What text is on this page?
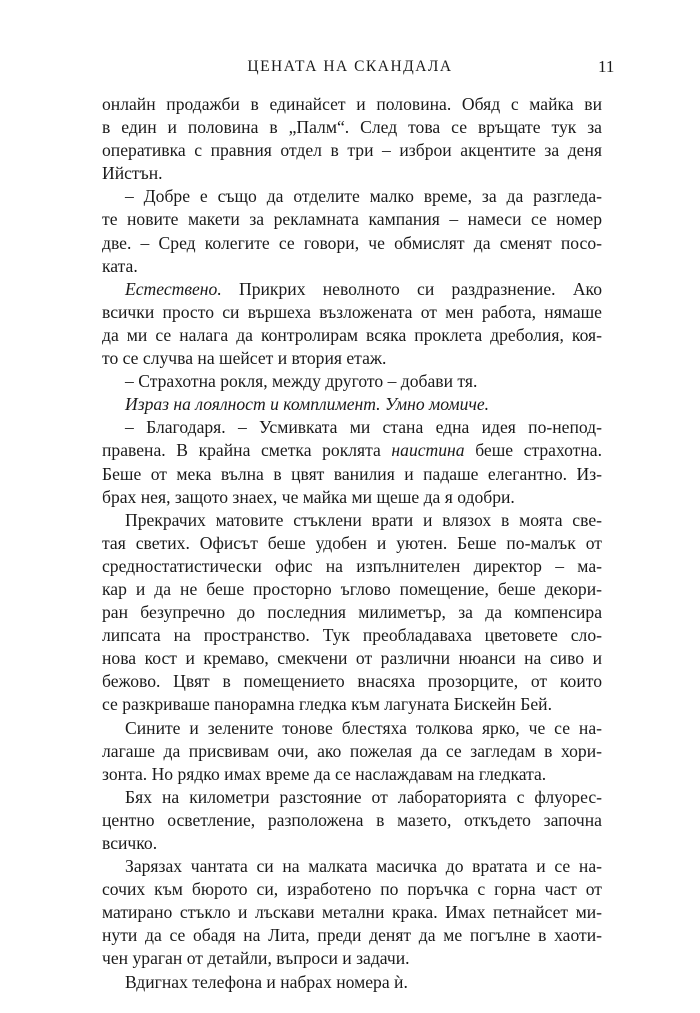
ЦЕНАТА НА СКАНДАЛА	11
онлайн продажби в единайсет и половина. Обяд с майка ви
в един и половина в „Палм“. След това се връщате тук за
оперативка с правния отдел в три – изброи акцентите за деня
Ийстън.
– Добре е също да отделите малко време, за да разгледа-
те новите макети за рекламната кампания – намеси се номер
две. – Сред колегите се говори, че обмислят да сменят посо-
ката.
Естествено. Прикрих неволното си раздразнение. Ако
всички просто си вършеха възложената от мен работа, нямаше
да ми се налага да контролирам всяка проклета дреболия, коя-
то се случва на шейсет и втория етаж.
– Страхотна рокля, между другото – добави тя.
Израз на лоялност и комплимент. Умно момиче.
– Благодаря. – Усмивката ми стана една идея по-непод-
правена. В крайна сметка роклята наистина беше страхотна.
Беше от мека вълна в цвят ванилия и падаше елегантно. Из-
брах нея, защото знаех, че майка ми щеше да я одобри.
Прекрачих матовите стъклени врати и влязох в моята све-
тая светих. Офисът беше удобен и уютен. Беше по-малък от
средностатистически офис на изпълнителен директор – ма-
кар и да не беше просторно ъглово помещение, беше декори-
ран безупречно до последния милиметър, за да компенсира
липсата на пространство. Тук преобладаваха цветовете сло-
нова кост и кремаво, смекчени от различни нюанси на сиво и
бежово. Цвят в помещението внасяха прозорците, от които
се разкриваше панорамна гледка към лагуната Бискейн Бей.
Сините и зелените тонове блестяха толкова ярко, че се на-
лагаше да присвивам очи, ако пожелая да се загледам в хори-
зонта. Но рядко имах време да се наслаждавам на гледката.
Бях на километри разстояние от лабораторията с флуорес-
центно осветление, разположена в мазето, откъдето започна
всичко.
Зарязах чантата си на малката масичка до вратата и се на-
сочих към бюрото си, изработено по поръчка с горна част от
матирано стъкло и лъскави метални крака. Имах петнайсет ми-
нути да се обадя на Лита, преди денят да ме погълне в хаоти-
чен ураган от детайли, въпроси и задачи.
Вдигнах телефона и набрах номера ѝ.
